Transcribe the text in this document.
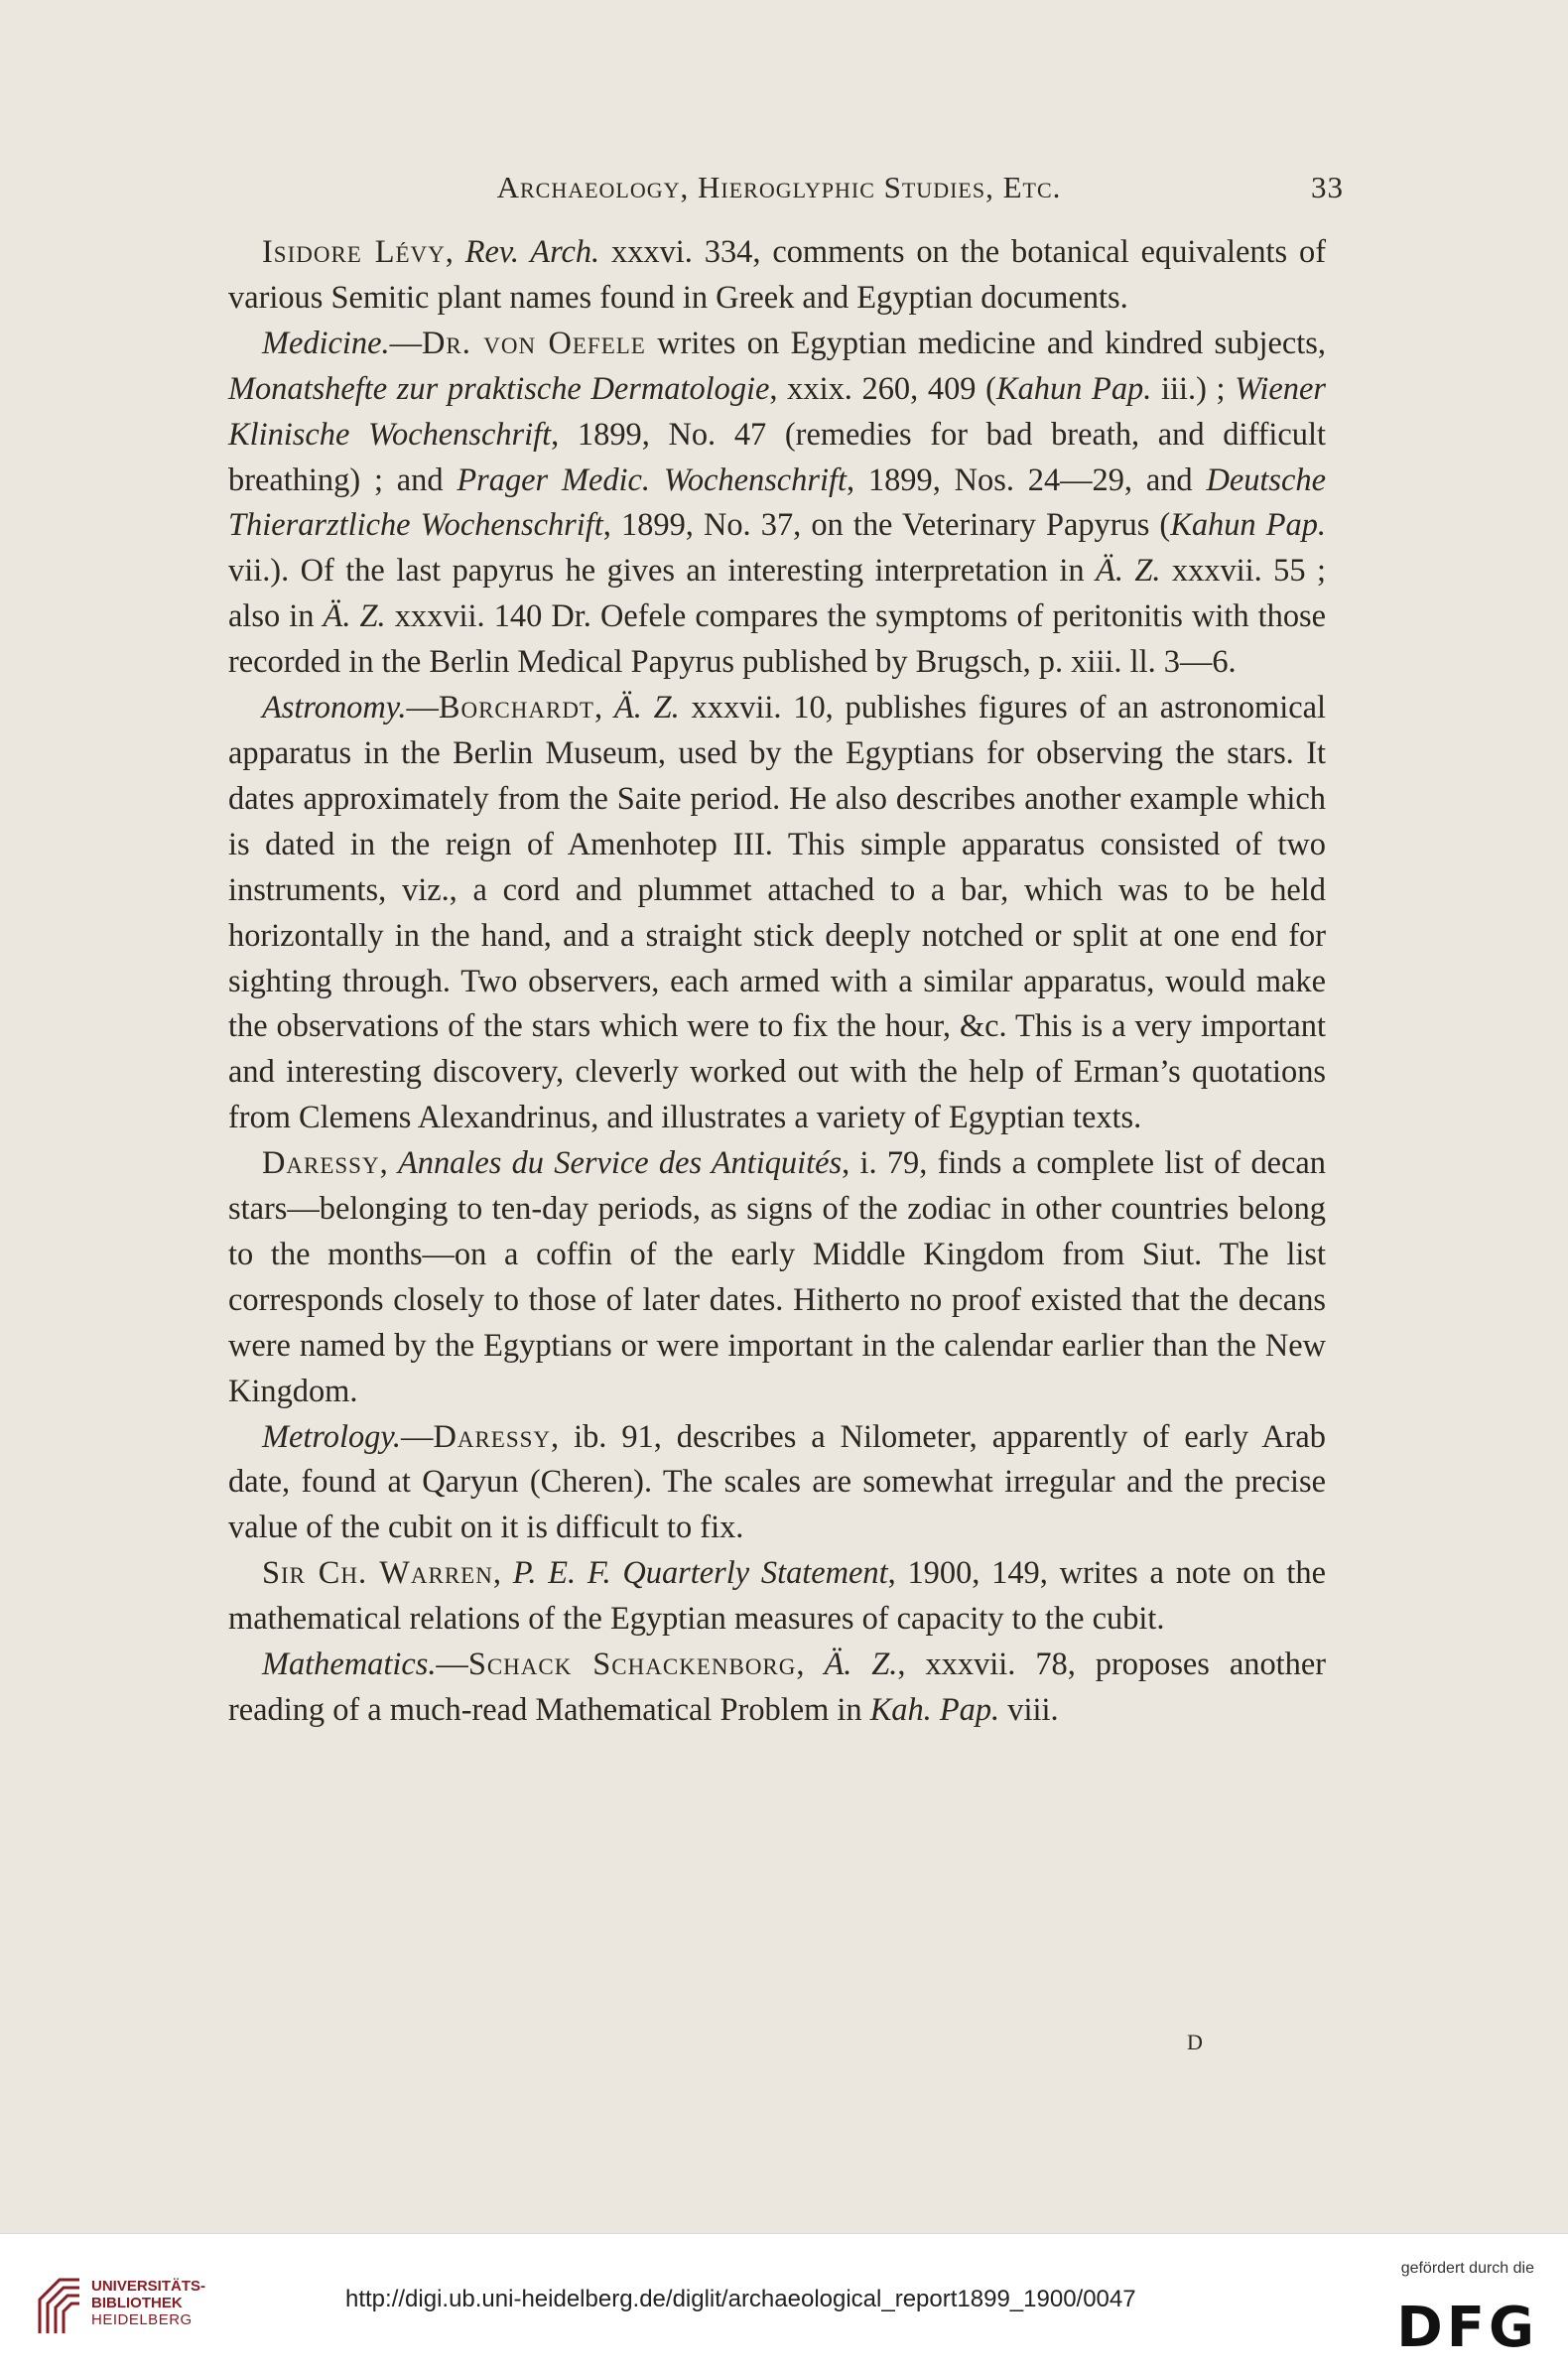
Archaeology, Hieroglyphic Studies, Etc.	33

Isidore Lévy, Rev. Arch. xxxvi. 334, comments on the botanical equivalents of various Semitic plant names found in Greek and Egyptian documents.

Medicine.—Dr. von Oefele writes on Egyptian medicine and kindred subjects, Monatshefte zur praktische Dermatologie, xxix. 260, 409 (Kahun Pap. iii.) ; Wiener Klinische Wochenschrift, 1899, No. 47 (remedies for bad breath, and difficult breathing) ; and Prager Medic. Wochenschrift, 1899, Nos. 24—29, and Deutsche Thierarztliche Wochenschrift, 1899, No. 37, on the Veterinary Papyrus (Kahun Pap. vii.). Of the last papyrus he gives an interesting interpretation in Ä. Z. xxxvii. 55 ; also in Ä. Z. xxxvii. 140 Dr. Oefele compares the symptoms of peritonitis with those recorded in the Berlin Medical Papyrus published by Brugsch, p. xiii. ll. 3—6.

Astronomy.—Borchardt, Ä. Z. xxxvii. 10, publishes figures of an astronomical apparatus in the Berlin Museum, used by the Egyptians for observing the stars. It dates approximately from the Saite period. He also describes another example which is dated in the reign of Amenhotep III. This simple apparatus consisted of two instruments, viz., a cord and plummet attached to a bar, which was to be held horizontally in the hand, and a straight stick deeply notched or split at one end for sighting through. Two observers, each armed with a similar apparatus, would make the observations of the stars which were to fix the hour, &c. This is a very important and interesting discovery, cleverly worked out with the help of Erman’s quotations from Clemens Alexandrinus, and illustrates a variety of Egyptian texts.

Daressy, Annales du Service des Antiquités, i. 79, finds a complete list of decan stars—belonging to ten-day periods, as signs of the zodiac in other countries belong to the months—on a coffin of the early Middle Kingdom from Siut. The list corresponds closely to those of later dates. Hitherto no proof existed that the decans were named by the Egyptians or were important in the calendar earlier than the New Kingdom.

Metrology.—Daressy, ib. 91, describes a Nilometer, apparently of early Arab date, found at Qaryun (Cheren). The scales are somewhat irregular and the precise value of the cubit on it is difficult to fix.

Sir Ch. Warren, P. E. F. Quarterly Statement, 1900, 149, writes a note on the mathematical relations of the Egyptian measures of capacity to the cubit.

Mathematics.—Schack Schackenborg, Ä. Z., xxxvii. 78, proposes another reading of a much-read Mathematical Problem in Kah. Pap. viii.

D
UNIVERSITÄTS-
BIBLIOTHEK
HEIDELBERG
http://digi.ub.uni-heidelberg.de/diglit/archaeological_report1899_1900/0047
gefördert durch die
DFG
